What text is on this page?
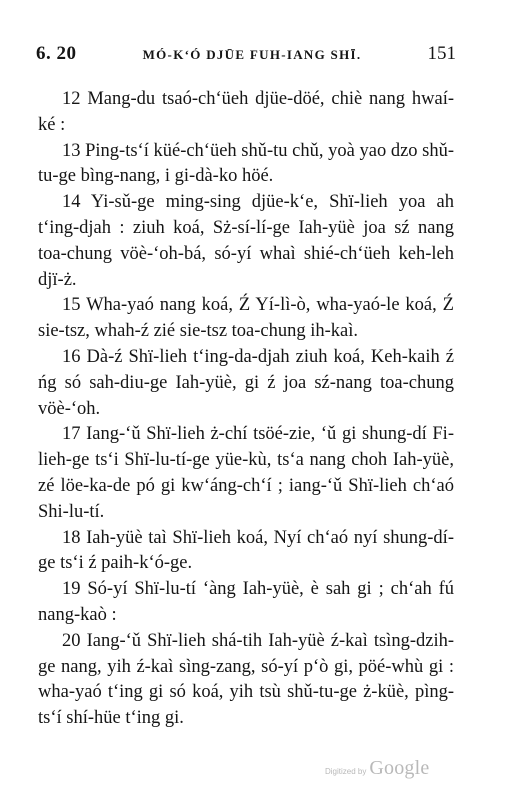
6. 20	MÓ-K‘Ó DJŪE FUH-IANG SHĪ.	151

12 Mang-du tsaó-ch‘üeh djüe-döé, chiè nang hwaí-ké :

13 Ping-ts‘í küé-ch‘üeh shǔ-tu chǔ, yoà yao dzo shǔ-tu-ge bìng-nang, i gi-dà-ko höé.

14 Yi-sǔ-ge ming-sing djüe-k‘e, Shï-lieh yoa ah t‘ing-djah : ziuh koá, Sż-sí-lí-ge Iah-yüè joa sź nang toa-chung vöè-‘oh-bá, só-yí whaì shié-ch‘üeh keh-leh djï-ż.

15 Wha-yaó nang koá, Ź Yí-lì-ò, wha-yaó-le koá, Ź sie-tsz, whah-ź zié sie-tsz toa-chung ih-kaì.

16 Dà-ź Shï-lieh t‘ing-da-djah ziuh koá, Keh-kaih ź ńg só sah-diu-ge Iah-yüè, gi ź joa sź-nang toa-chung vöè-‘oh.

17 Iang-‘ǔ Shï-lieh ż-chí tsöé-zie, ‘ǔ gi shung-dí Fi-lieh-ge ts‘i Shï-lu-tí-ge yüe-kù, ts‘a nang choh Iah-yüè, zé löe-ka-de pó gi kw‘áng-ch‘í ; iang-‘ǔ Shï-lieh ch‘aó Shi-lu-tí.

18 Iah-yüè taì Shï-lieh koá, Nyí ch‘aó nyí shung-dí-ge ts‘i ź paih-k‘ó-ge.

19 Só-yí Shï-lu-tí ‘àng Iah-yüè, è sah gi ; ch‘ah fú nang-kaò :

20 Iang-‘ǔ Shï-lieh shá-tih Iah-yüè ź-kaì tsìng-dzih-ge nang, yih ź-kaì sìng-zang, só-yí p‘ò gi, pöé-whù gi : wha-yaó t‘ing gi só koá, yih tsù shǔ-tu-ge ż-küè, pìng-ts‘í shí-hüe t‘ing gi.

Digitized by Google
